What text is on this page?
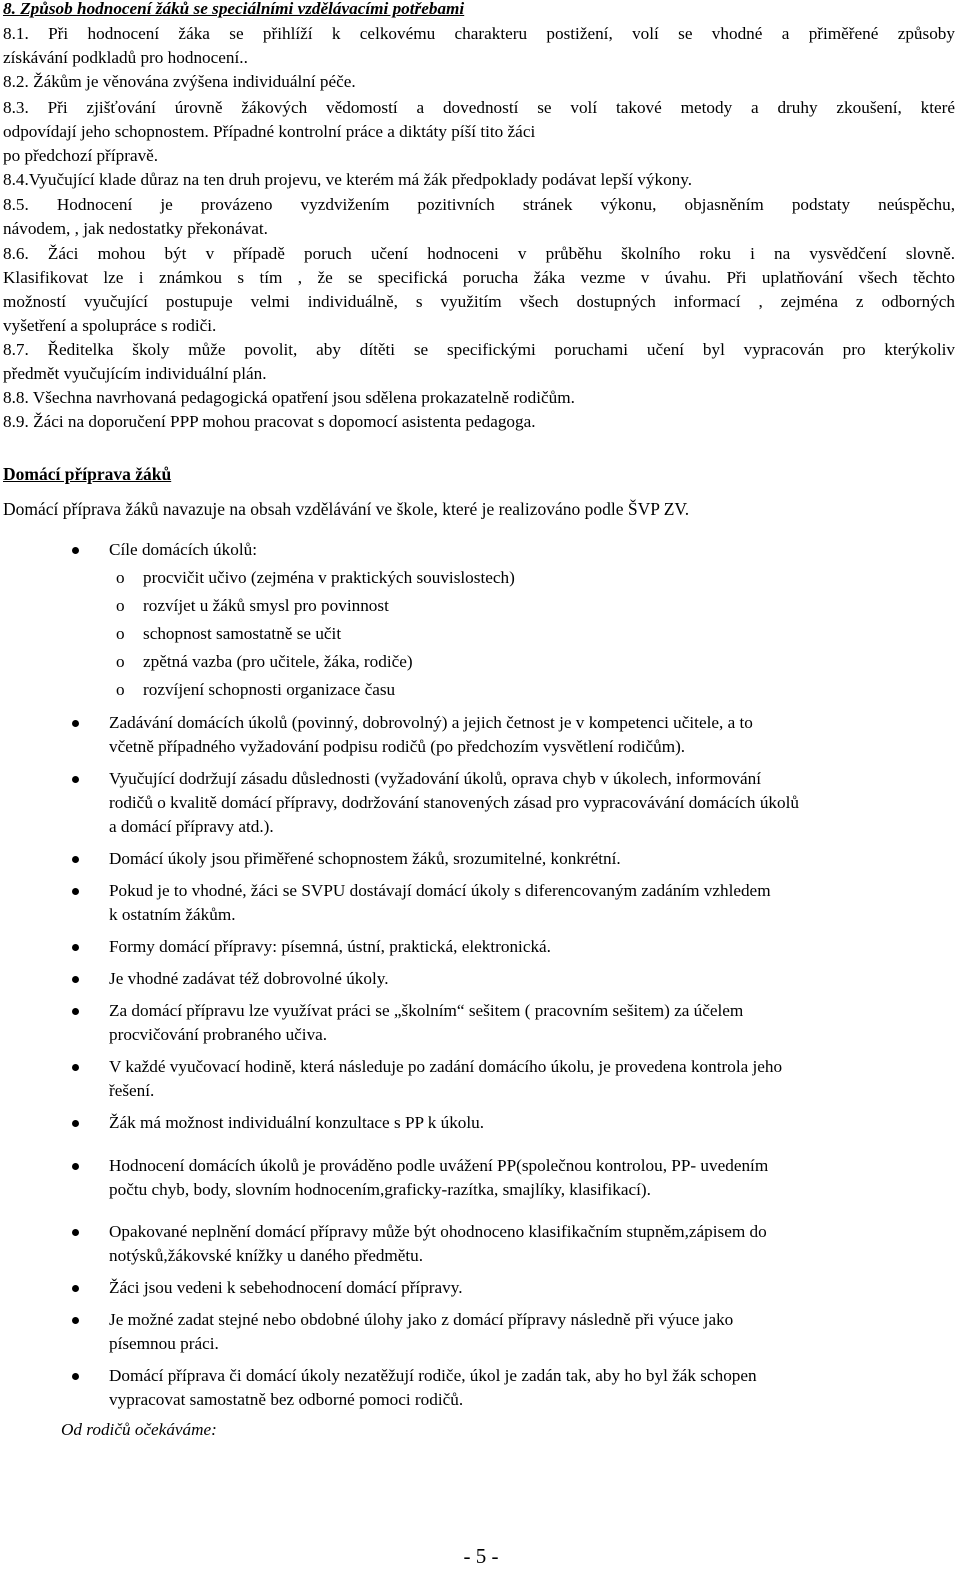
8. Způsob hodnocení žáků se speciálními vzdělávacími potřebami
8.1. Při hodnocení žáka se přihlíží k celkovému charakteru postižení, volí se vhodné a přiměřené způsoby
získávání podkladů pro hodnocení..
8.2. Žákům je věnována zvýšena individuální péče.
8.3. Při zjišťování úrovně žákových vědomostí a dovedností se volí takové metody a druhy zkoušení, které
odpovídají jeho schopnostem. Případné kontrolní práce a diktáty píší tito žáci
po předchozí přípravě.
8.4.Vyučující klade důraz na ten druh projevu, ve kterém má žák předpoklady podávat lepší výkony.
8.5. Hodnocení je provázeno vyzdvižením pozitivních stránek výkonu, objasněním podstaty neúspěchu,
návodem, , jak nedostatky překonávat.
8.6. Žáci mohou být v případě poruch učení hodnoceni v průběhu školního roku i na vysvědčení slovně.
Klasifikovat lze i známkou s tím , že se specifická porucha žáka vezme v úvahu. Při uplatňování všech těchto
možností vyučující postupuje velmi individuálně, s využitím všech dostupných informací , zejména z odborných
vyšetření a spolupráce s rodiči.
8.7. Ředitelka školy může povolit, aby dítěti se specifickými poruchami učení byl vypracován pro kterýkoliv
předmět vyučujícím individuální plán.
8.8. Všechna navrhovaná pedagogická opatření jsou sdělena prokazatelně rodičům.
8.9. Žáci na doporučení PPP mohou pracovat s dopomocí asistenta pedagoga.
Domácí příprava žáků
Domácí příprava žáků navazuje na obsah vzdělávání ve škole, které je realizováno podle ŠVP ZV.
Cíle domácích úkolů:
o procvičit učivo (zejména v praktických souvislostech)
o rozvíjet u žáků smysl pro povinnost
o schopnost samostatně se učit
o zpětná vazba (pro učitele, žáka, rodiče)
o rozvíjení schopnosti organizace času
Zadávání domácích úkolů (povinný, dobrovolný) a jejich četnost je v kompetenci učitele, a to
včetně případného vyžadování podpisu rodičů (po předchozím vysvětlení rodičům).
Vyučující dodržují zásadu důslednosti (vyžadování úkolů, oprava chyb v úkolech, informování
rodičů o kvalitě domácí přípravy, dodržování stanovených zásad pro vypracovávání domácích úkolů
a domácí přípravy atd.).
Domácí úkoly jsou přiměřené schopnostem žáků, srozumitelné, konkrétní.
Pokud je to vhodné, žáci se SVPU dostávají domácí úkoly s diferencovaným zadáním vzhledem
k ostatním žákům.
Formy domácí přípravy: písemná, ústní, praktická, elektronická.
Je vhodné zadávat též dobrovolné úkoly.
Za domácí přípravu lze využívat práci se „školním“ sešitem ( pracovním sešitem) za účelem
procvičování probraného učiva.
V každé vyučovací hodině, která následuje po zadání domácího úkolu, je provedena kontrola jeho
řešení.
Žák má možnost individuální konzultace s PP k úkolu.
Hodnocení domácích úkolů je prováděno podle uvážení PP(společnou kontrolou, PP- uvedením
počtu chyb, body, slovním hodnocením,graficky-razítka, smajlíky, klasifikací).
Opakované neplnění domácí přípravy může být ohodnoceno klasifikačním stupněm,zápisem do
notýsků,žákovské knížky u daného předmětu.
Žáci jsou vedeni k sebehodnocení domácí přípravy.
Je možné zadat stejné nebo obdobné úlohy jako z domácí přípravy následně při výuce jako
písemnou práci.
Domácí příprava či domácí úkoly nezatěžují rodiče, úkol je zadán tak, aby ho byl žák schopen
vypracovat samostatně bez odborné pomoci rodičů.
Od rodičů očekáváme:
- 5 -
